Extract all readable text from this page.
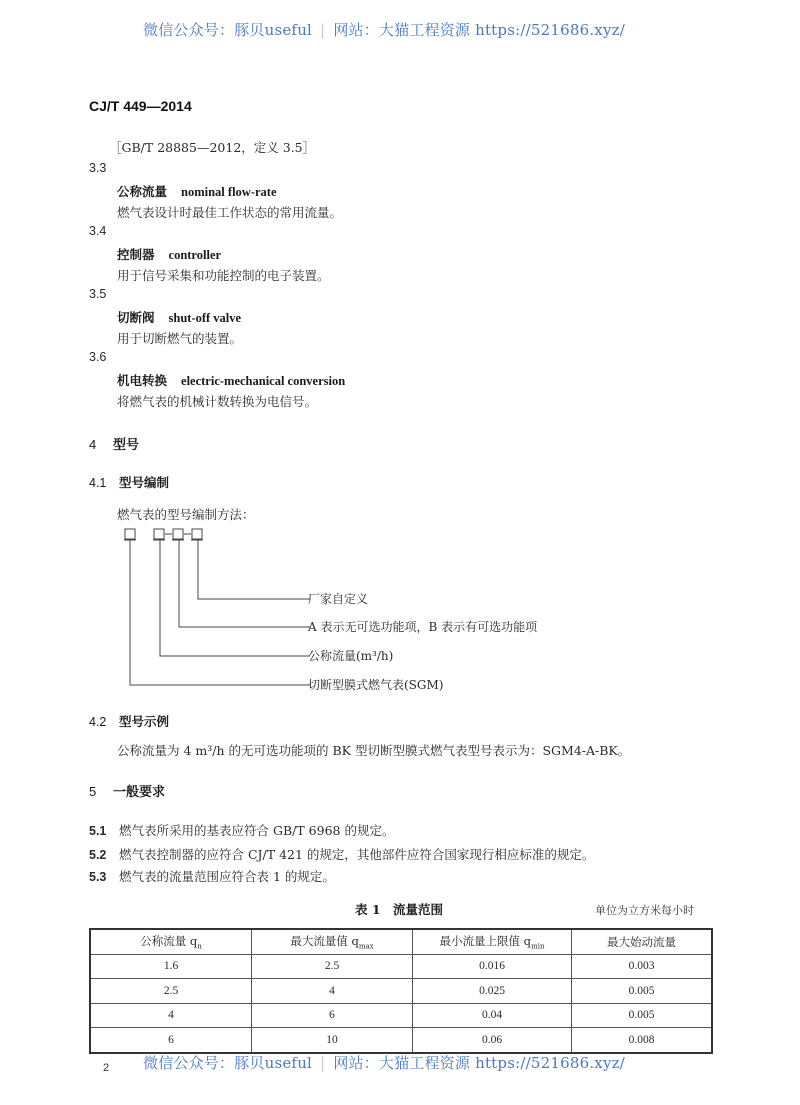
微信公众号：豚贝useful | 网站：大猫工程资源 https://521686.xyz/
CJ/T 449—2014
［GB/T 28885—2012，定义 3.5］
3.3
公称流量 nominal flow-rate
燃气表设计时最佳工作状态的常用流量。
3.4
控制器 controller
用于信号采集和功能控制的电子装置。
3.5
切断阀 shut-off valve
用于切断燃气的装置。
3.6
机电转换 electric-mechanical conversion
将燃气表的机械计数转换为电信号。
4 型号
4.1 型号编制
燃气表的型号编制方法：
厂家自定义
A 表示无可选功能项，B 表示有可选功能项
公称流量(m³/h)
切断型膜式燃气表(SGM)
4.2 型号示例
公称流量为 4 m³/h 的无可选功能项的 BK 型切断型膜式燃气表型号表示为：SGM4-A-BK。
5 一般要求
5.1 燃气表所采用的基表应符合 GB/T 6968 的规定。
5.2 燃气表控制器的应符合 CJ/T 421 的规定，其他部件应符合国家现行相应标准的规定。
5.3 燃气表的流量范围应符合表 1 的规定。
表 1　流量范围	单位为立方米每小时
公称流量 $q_n$	最大流量值 $q_{max}$	最小流量上限值 $q_{min}$	最大始动流量
1.6	2.5	0.016	0.003
2.5	4	0.025	0.005
4	6	0.04	0.005
6	10	0.06	0.008
2 微信公众号：豚贝useful | 网站：大猫工程资源 https://521686.xyz/
